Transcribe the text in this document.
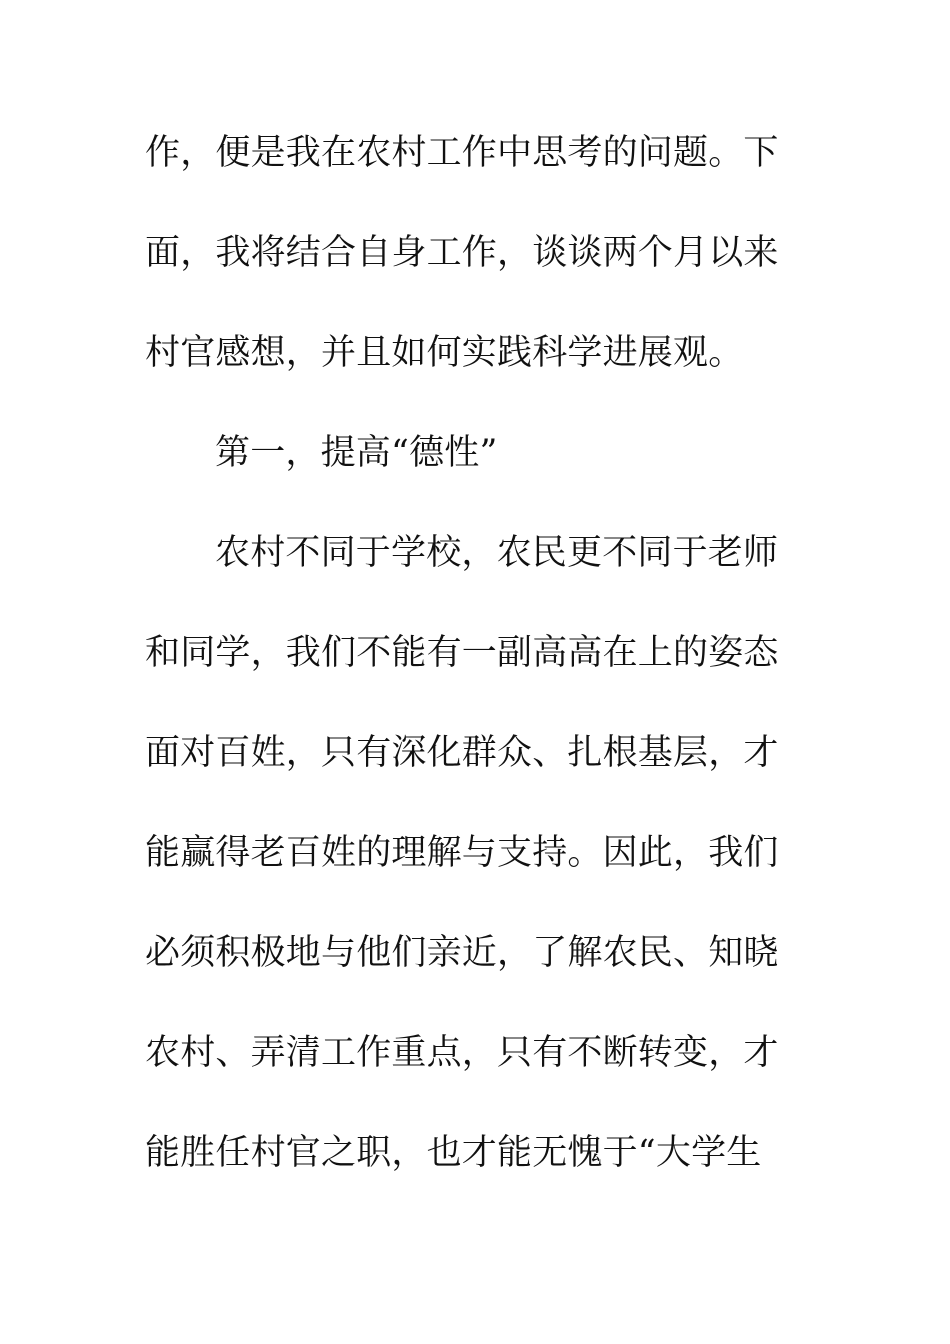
作，便是我在农村工作中思考的问题。下
面，我将结合自身工作，谈谈两个月以来
村官感想，并且如何实践科学进展观。
第一，提高“德性”
农村不同于学校，农民更不同于老师
和同学，我们不能有一副高高在上的姿态
面对百姓，只有深化群众、扎根基层，才
能赢得老百姓的理解与支持。因此，我们
必须积极地与他们亲近，了解农民、知晓
农村、弄清工作重点，只有不断转变，才
能胜任村官之职，也才能无愧于“大学生
